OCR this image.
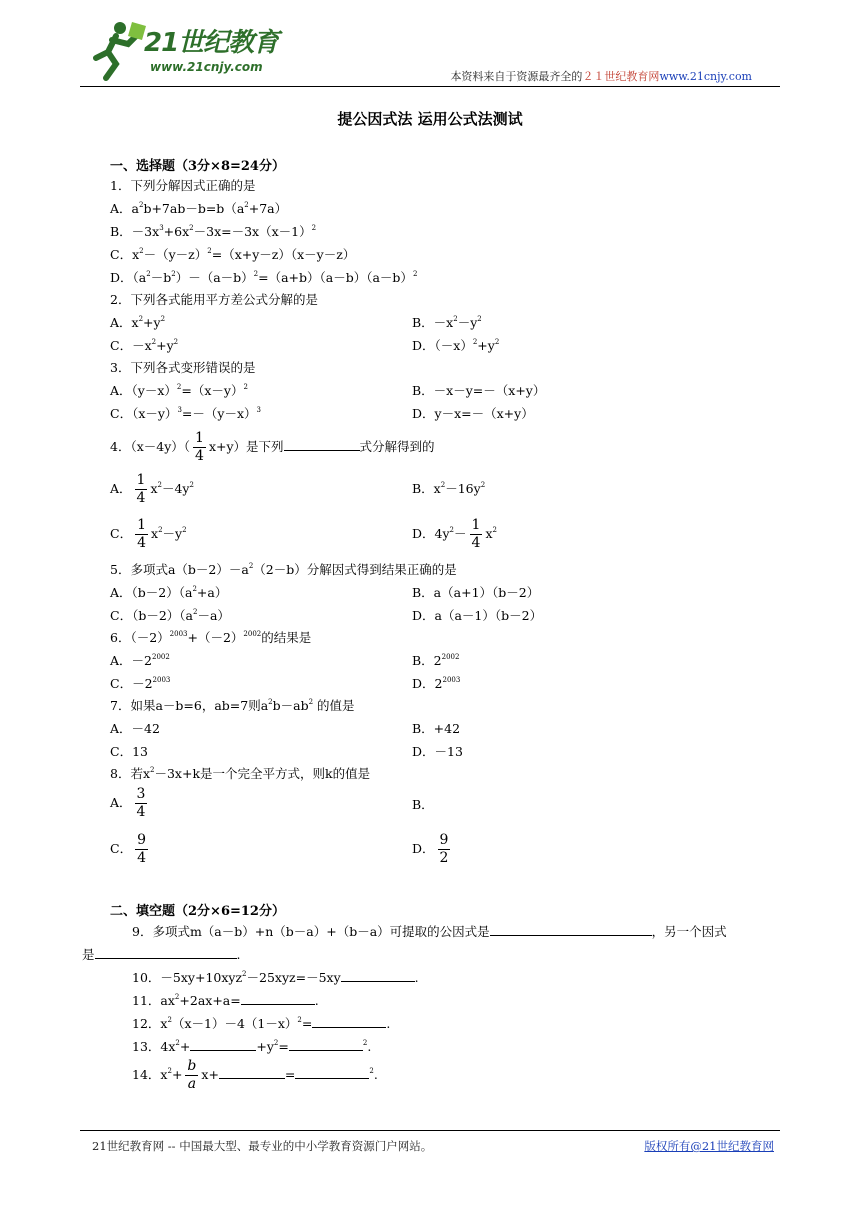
21世纪教育
www.21cnjy.com
本资料来自于资源最齐全的２１世纪教育网www.21cnjy.com
提公因式法 运用公式法测试
一、选择题（3分×8=24分）
1．下列分解因式正确的是
A．$a^2b+7ab-b=b(a^2+7a)$
B．$-3x^3+6x^2-3x=-3x(x-1)^2$
C．$x^2-(y-z)^2=(x+y-z)(x-y-z)$
D．$(a^2-b^2)-(a-b)^2=(a+b)(a-b)(a-b)^2$
2．下列各式能用平方差公式分解的是
A．$x^2+y^2$	B．$-x^2-y^2$
C．$-x^2+y^2$	D．$(-x)^2+y^2$
3．下列各式变形错误的是
A．$(y-x)^2=(x-y)^2$	B．－x－y=－（x+y）
C．$(x-y)^3=-(y-x)^3$	D．y－x=－（x+y）
4．$(x-4y)( \frac{1}{4} x+y)$是下列	式分解得到的
A． $\frac{1}{4} x^2-4y^2$	B．$x^2-16y^2$
C． $\frac{1}{4} x^2-y^2$	D．$4y^2- \frac{1}{4} x^2$
5．多项式$a(b-2)-a^2(2-b)$分解因式得到结果正确的是
A．$(b-2)(a^2+a)$	B．a（a+1）（b－2）
C．$(b-2)(a^2-a)$	D．a（a－1）（b－2）
6．$(-2)^{2003}+(-2)^{2002}$的结果是
A．$-2^{2002}$	B．$2^{2002}$
C．$-2^{2003}$	D．$2^{2003}$
7．如果a－b=6，ab=7则$a^2b-ab^2$ 的值是
A．－42	B．+42
C．13	D．－13
8．若$x^2-3x+k$是一个完全平方式，则k的值是
A． $\frac{3}{4}$	B．
C． $\frac{9}{4}$	D． $\frac{9}{2}$
二、填空题（2分×6=12分）
9．多项式m（a－b）+n（b－a）+（b－a）可提取的公因式是	，另一个因式
是	.
10．－5xy+10xyz$^2$－25xyz=－5xy	.
11．$ax^2+2ax+a=$	.
12．$x^2(x-1)-4(1-x)^2=$	.
13．$4x^2+$	$+y^2=$	$^2$.
14．$x^2+ \frac{b}{a} x+$	=	$^2$.
21世纪教育网 -- 中国最大型、最专业的中小学教育资源门户网站。	版权所有@21世纪教育网
